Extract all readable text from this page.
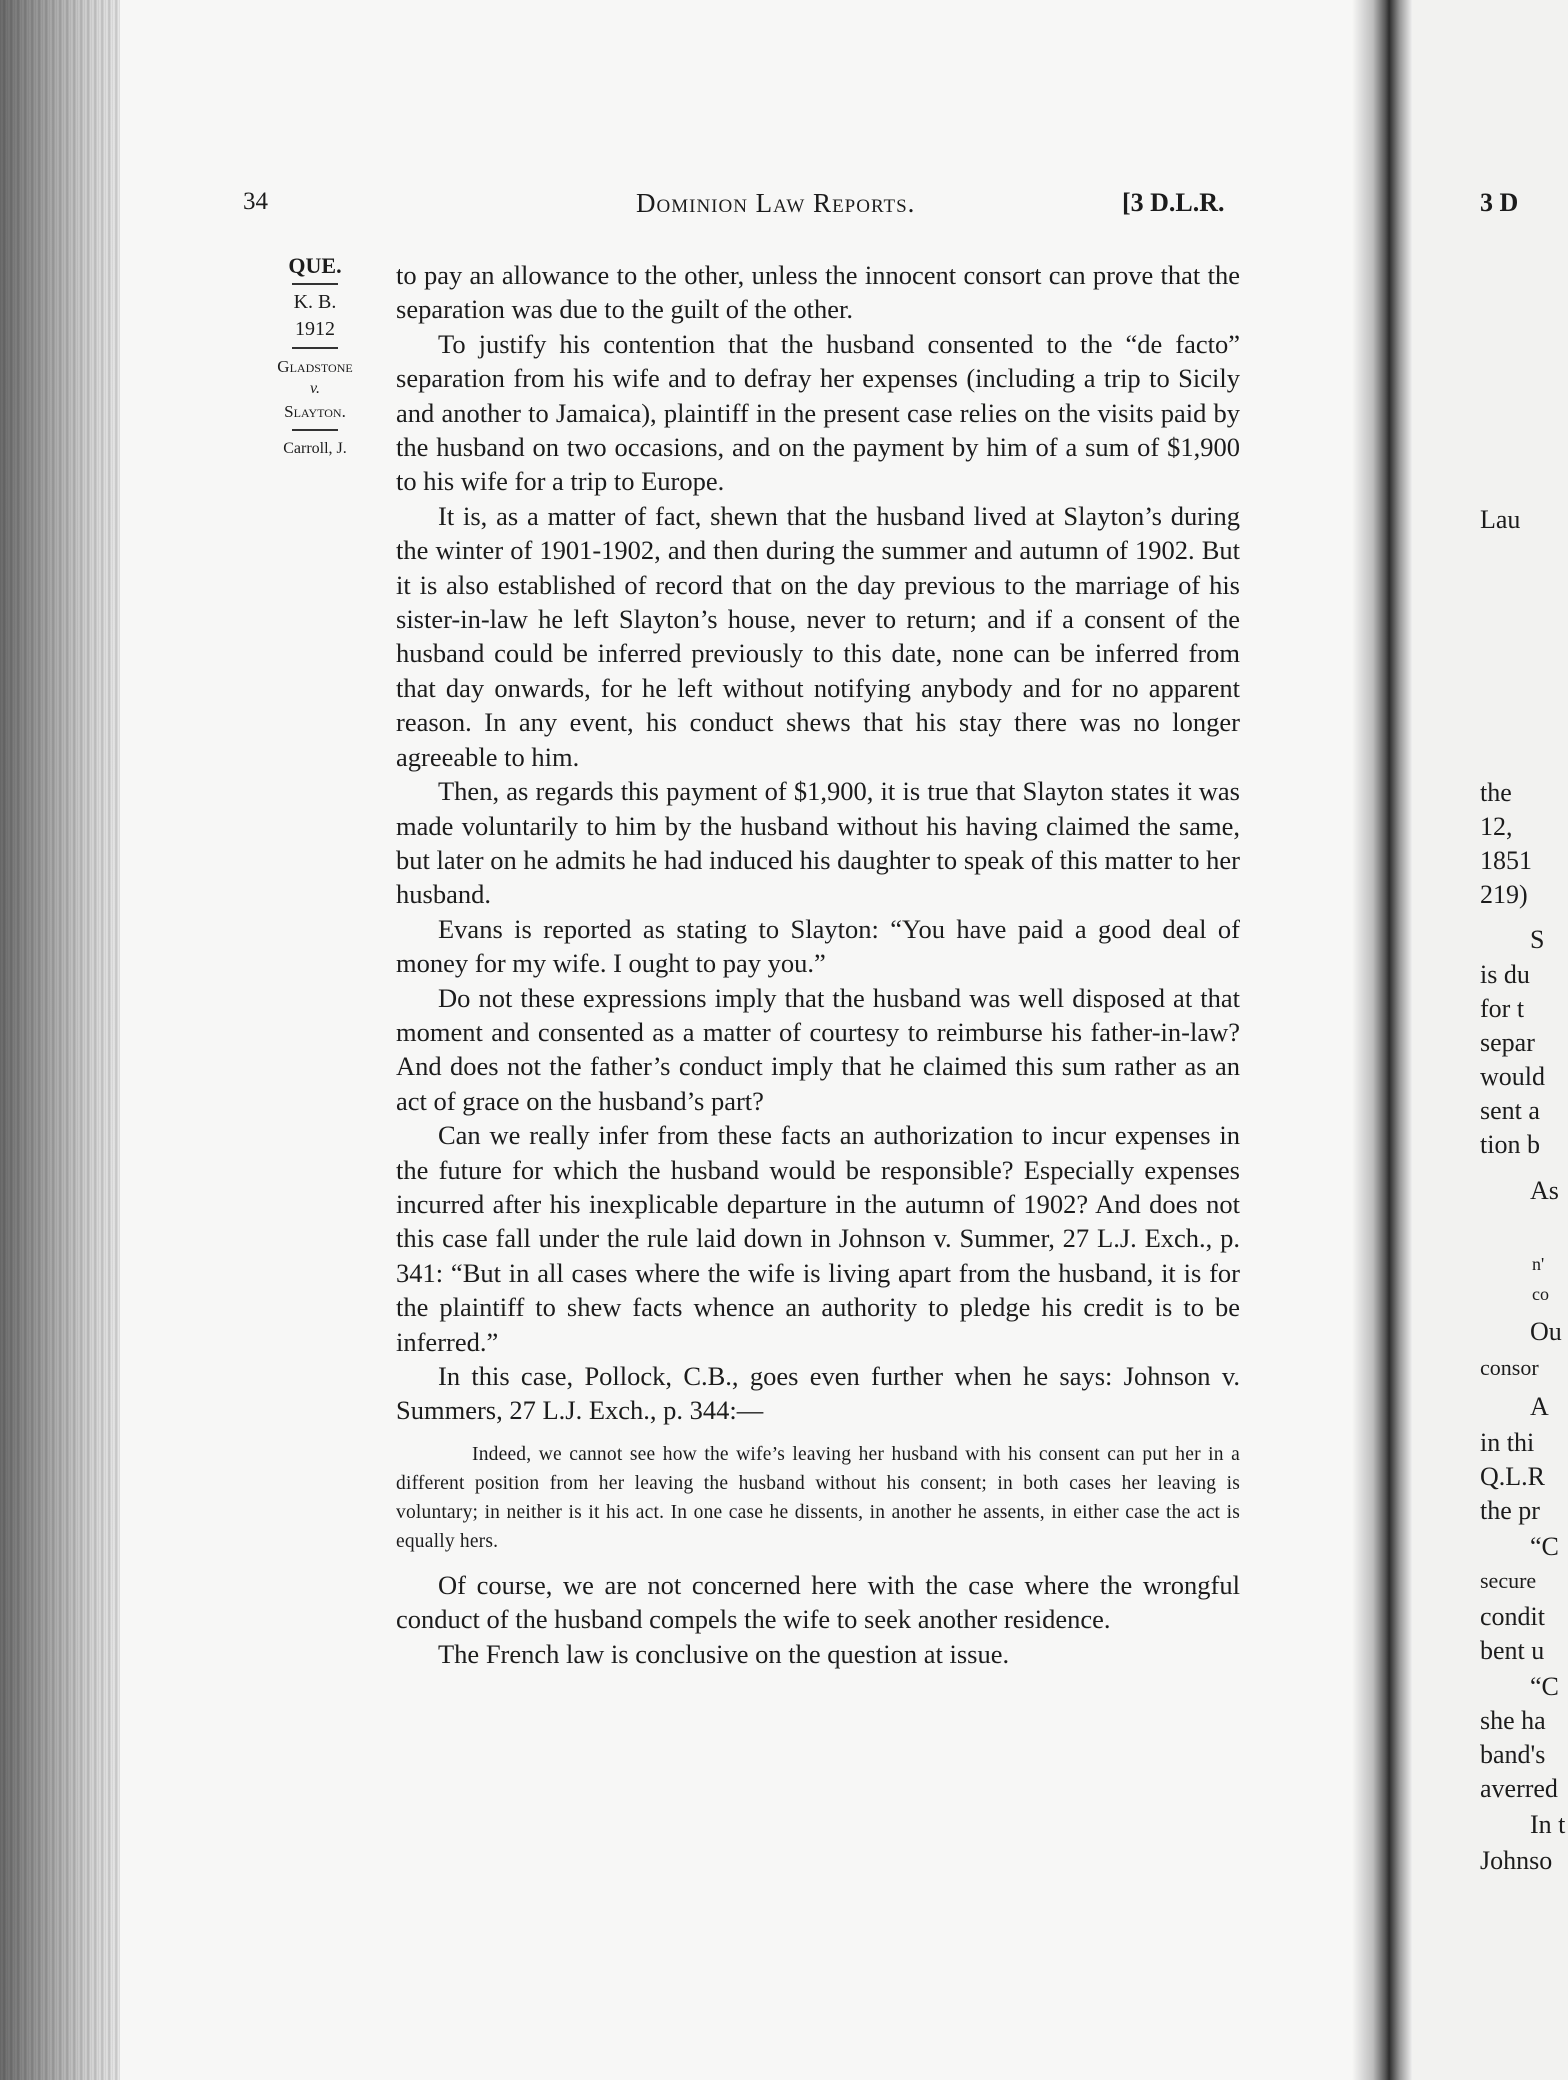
34	Dominion Law Reports.	[3 D.L.R.
QUE.
K. B.
1912
Gladstone
v.
Slayton.
Carroll, J.

to pay an allowance to the other, unless the innocent consort can prove that the separation was due to the guilt of the other.

To justify his contention that the husband consented to the “de facto” separation from his wife and to defray her expenses (including a trip to Sicily and another to Jamaica), plaintiff in the present case relies on the visits paid by the husband on two occasions, and on the payment by him of a sum of $1,900 to his wife for a trip to Europe.

It is, as a matter of fact, shewn that the husband lived at Slayton’s during the winter of 1901-1902, and then during the summer and autumn of 1902. But it is also established of record that on the day previous to the marriage of his sister-in-law he left Slayton’s house, never to return; and if a consent of the husband could be inferred previously to this date, none can be inferred from that day onwards, for he left without notifying anybody and for no apparent reason. In any event, his conduct shews that his stay there was no longer agreeable to him.

Then, as regards this payment of $1,900, it is true that Slayton states it was made voluntarily to him by the husband without his having claimed the same, but later on he admits he had induced his daughter to speak of this matter to her husband.

Evans is reported as stating to Slayton: “You have paid a good deal of money for my wife. I ought to pay you.”

Do not these expressions imply that the husband was well disposed at that moment and consented as a matter of courtesy to reimburse his father-in-law? And does not the father’s conduct imply that he claimed this sum rather as an act of grace on the husband’s part?

Can we really infer from these facts an authorization to incur expenses in the future for which the husband would be responsible? Especially expenses incurred after his inexplicable departure in the autumn of 1902? And does not this case fall under the rule laid down in Johnson v. Summer, 27 L.J. Exch., p. 341: “But in all cases where the wife is living apart from the husband, it is for the plaintiff to shew facts whence an authority to pledge his credit is to be inferred.”

In this case, Pollock, C.B., goes even further when he says: Johnson v. Summers, 27 L.J. Exch., p. 344:—

Indeed, we cannot see how the wife’s leaving her husband with his consent can put her in a different position from her leaving the husband without his consent; in both cases her leaving is voluntary; in neither is it his act. In one case he dissents, in another he assents, in either case the act is equally hers.

Of course, we are not concerned here with the case where the wrongful conduct of the husband compels the wife to seek another residence.

The French law is conclusive on the question at issue.

3 D
Lau
the
12,
1851
219)
S
is du
for t
separ
would
sent a
tion b
As
n'
co
Ou
consor
A
in thi
Q.L.R
the pr
“C
secure
condit
bent u
“C
she ha
band's
averred
In t
Johnso
